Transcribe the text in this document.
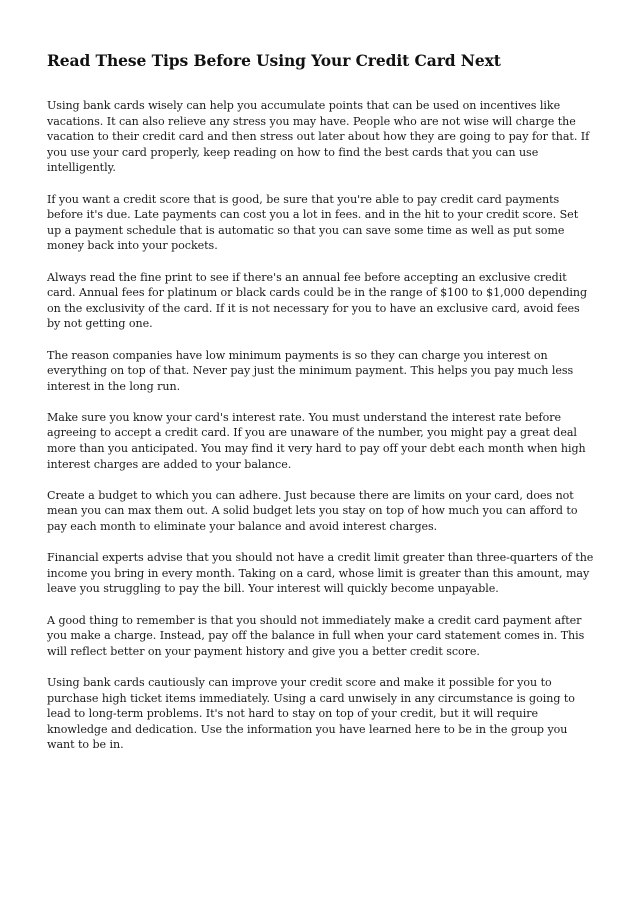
Read These Tips Before Using Your Credit Card Next

Using bank cards wisely can help you accumulate points that can be used on incentives like vacations. It can also relieve any stress you may have. People who are not wise will charge the vacation to their credit card and then stress out later about how they are going to pay for that. If you use your card properly, keep reading on how to find the best cards that you can use intelligently.

If you want a credit score that is good, be sure that you're able to pay credit card payments before it's due. Late payments can cost you a lot in fees. and in the hit to your credit score. Set up a payment schedule that is automatic so that you can save some time as well as put some money back into your pockets.

Always read the fine print to see if there's an annual fee before accepting an exclusive credit card. Annual fees for platinum or black cards could be in the range of $100 to $1,000 depending on the exclusivity of the card. If it is not necessary for you to have an exclusive card, avoid fees by not getting one.

The reason companies have low minimum payments is so they can charge you interest on everything on top of that. Never pay just the minimum payment. This helps you pay much less interest in the long run.

Make sure you know your card's interest rate. You must understand the interest rate before agreeing to accept a credit card. If you are unaware of the number, you might pay a great deal more than you anticipated. You may find it very hard to pay off your debt each month when high interest charges are added to your balance.

Create a budget to which you can adhere. Just because there are limits on your card, does not mean you can max them out. A solid budget lets you stay on top of how much you can afford to pay each month to eliminate your balance and avoid interest charges.

Financial experts advise that you should not have a credit limit greater than three-quarters of the income you bring in every month. Taking on a card, whose limit is greater than this amount, may leave you struggling to pay the bill. Your interest will quickly become unpayable.

A good thing to remember is that you should not immediately make a credit card payment after you make a charge. Instead, pay off the balance in full when your card statement comes in. This will reflect better on your payment history and give you a better credit score.

Using bank cards cautiously can improve your credit score and make it possible for you to purchase high ticket items immediately. Using a card unwisely in any circumstance is going to lead to long-term problems. It's not hard to stay on top of your credit, but it will require knowledge and dedication. Use the information you have learned here to be in the group you want to be in.
